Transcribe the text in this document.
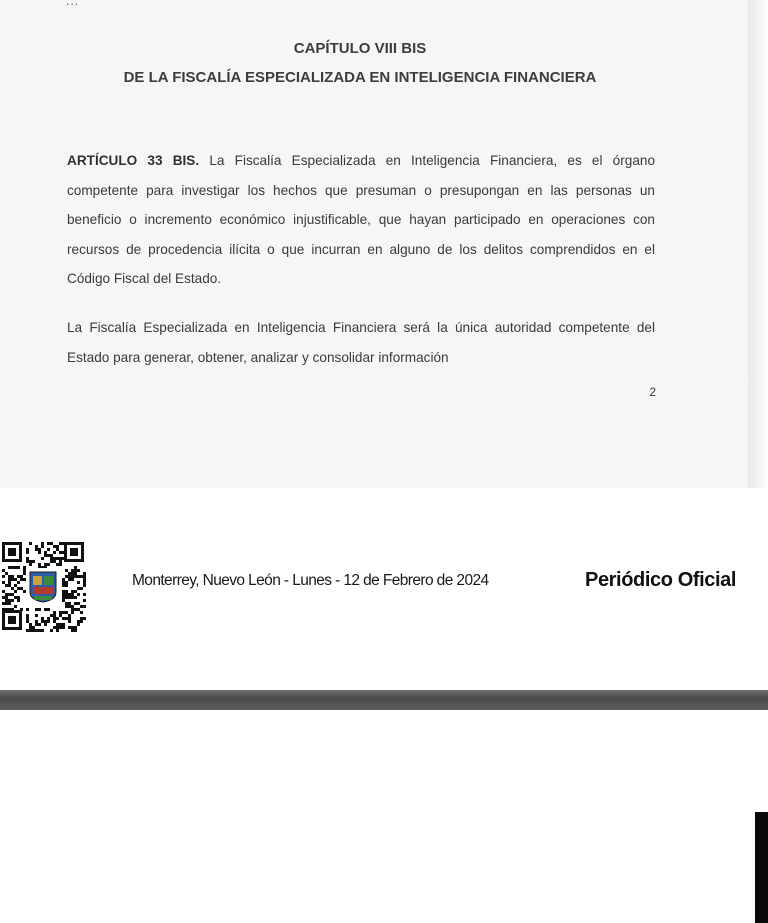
...
CAPÍTULO VIII BIS
DE LA FISCALÍA ESPECIALIZADA EN INTELIGENCIA FINANCIERA

ARTÍCULO 33 BIS. La Fiscalía Especializada en Inteligencia Financiera, es el órgano competente para investigar los hechos que presuman o presupongan en las personas un beneficio o incremento económico injustificable, que hayan participado en operaciones con recursos de procedencia ilícita o que incurran en alguno de los delitos comprendidos en el Código Fiscal del Estado.

La Fiscalía Especializada en Inteligencia Financiera será la única autoridad competente del Estado para generar, obtener, analizar y consolidar información

2
Monterrey, Nuevo León - Lunes - 12 de Febrero de 2024	Periódico Oficial
